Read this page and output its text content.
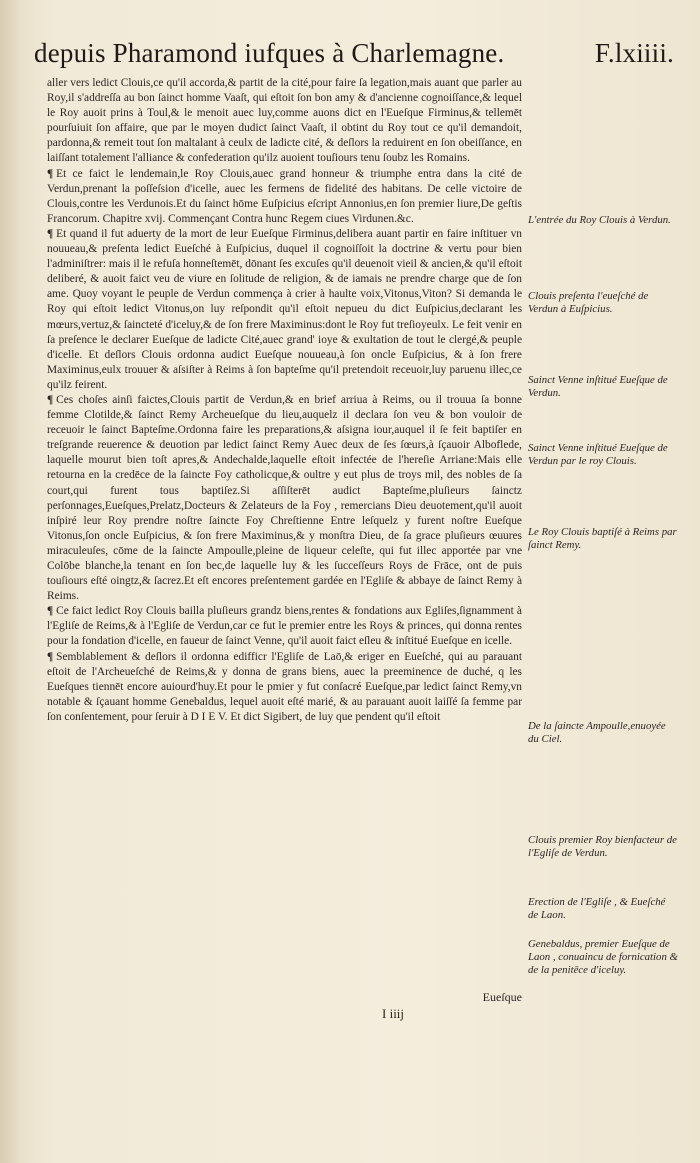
depuis Pharamond iufques à Charlemagne.	F.lxiiii.

aller vers ledict Clouis,ce qu'il accorda,& partit de la cité,pour faire ſa legation,mais auant que parler au Roy,il s'addreſſa au bon ſainct homme Vaaſt, qui eſtoit ſon bon amy & d'ancienne cognoiſſance,& lequel le Roy auoit prins à Toul,& le menoit auec luy,comme auons dict en l'Eueſque Firminus,& tellemēt pourſuiuit ſon affaire, que par le moyen dudict ſainct Vaaſt, il obtint du Roy tout ce qu'il demandoit, pardonna,& remeit tout ſon maltalant à ceulx de ladicte cité, & deſlors la reduirent en ſon obeiſſance, en laiſſant totalement l'alliance & confederation qu'ilz auoient touſiours tenu ſoubz les Romains.

¶ Et ce faict le lendemain,le Roy Clouis,auec grand honneur & triumphe entra dans la cité de Verdun,prenant la poſſeſsion d'icelle, auec les fermens de fidelité des habitans. De celle victoire de Clouis,contre les Verdunois.Et du ſainct hōme Euſpicius eſcript Annonius,en ſon premier liure,De geſtis Francorum. Chapitre xvij. Commençant Contra hunc Regem ciues Virdunen.&c.

¶ Et quand il fut aduerty de la mort de leur Eueſque Firminus,delibera auant partir en faire inſtituer vn nouueau,& preſenta ledict Eueſché à Euſpicius, duquel il cognoiſſoit la doctrine & vertu pour bien l'adminiſtrer: mais il le refuſa honneſtemēt, dōnant ſes excuſes qu'il deuenoit vieil & ancien,& qu'il eſtoit deliberé, & auoit faict veu de viure en ſolitude de religion, & de iamais ne prendre charge que de ſon ame. Quoy voyant le peuple de Verdun commença à crier à haulte voix,Vitonus,Viton? Si demanda le Roy qui eſtoit ledict Vitonus,on luy reſpondit qu'il eſtoit nepueu du dict Euſpicius,declarant les mœurs,vertuz,& ſaincteté d'iceluy,& de ſon frere Maximinus:dont le Roy fut treſioyeulx. Le feit venir en ſa preſence le declarer Eueſque de ladicte Cité,auec grand' ioye & exultation de tout le clergé,& peuple d'icelle. Et deſlors Clouis ordonna audict Eueſque nouueau,à ſon oncle Euſpicius, & à ſon frere Maximinus,eulx trouuer & aſsiſter à Reims à ſon bapteſme qu'il pretendoit receuoir,luy paruenu illec,ce qu'ilz feirent.

¶ Ces choſes ainſi faictes,Clouis partit de Verdun,& en brief arriua à Reims, ou il trouua ſa bonne femme Clotilde,& ſainct Remy Archeueſque du lieu,auquelz il declara ſon veu & bon vouloir de receuoir le ſainct Bapteſme.Ordonna faire les preparations,& aſsigna iour,auquel il ſe feit baptiſer en treſgrande reuerence & deuotion par ledict ſainct Remy Auec deux de ſes ſœurs,à ſçauoir Alboflede, laquelle mourut bien toſt apres,& Andechalde,laquelle eſtoit infectée de l'hereſie Arriane:Mais elle retourna en la credēce de la ſaincte Foy catholicque,& oultre y eut plus de troys mil, des nobles de ſa court,qui furent tous baptiſez.Si aſſiſterēt audict Bapteſme,pluſieurs ſainctz perſonnages,Eueſques,Prelatz,Docteurs & Zelateurs de la Foy , remercians Dieu deuotement,qu'il auoit inſpiré leur Roy prendre noſtre ſaincte Foy Chreſtienne Entre leſquelz y furent noſtre Eueſque Vitonus,ſon oncle Euſpicius, & ſon frere Maximinus,& y monſtra Dieu, de ſa grace pluſieurs œuures miraculeuſes, cōme de la ſaincte Ampoulle,pleine de liqueur celeſte, qui fut illec apportée par vne Colōbe blanche,la tenant en ſon bec,de laquelle luy & les ſucceſſeurs Roys de Frāce, ont de puis touſiours eſté oingtz,& ſacrez.Et eſt encores preſentement gardée en l'Egliſe & abbaye de ſainct Remy à Reims.

¶ Ce faict ledict Roy Clouis bailla pluſieurs grandz biens,rentes & fondations aux Egliſes,ſignamment à l'Egliſe de Reims,& à l'Egliſe de Verdun,car ce fut le premier entre les Roys & princes, qui donna rentes pour la fondation d'icelle, en faueur de ſainct Venne, qu'il auoit faict eſleu & inſtitué Eueſque en icelle.

¶ Semblablement & deſlors il ordonna edifficr l'Egliſe de Laō,& eriger en Eueſché, qui au parauant eſtoit de l'Archeueſché de Reims,& y donna de grans biens, auec la preeminence de duché, q les Eueſques tiennēt encore auiourd'huy.Et pour le pmier y fut conſacré Eueſque,par ledict ſainct Remy,vn notable & ſçauant homme Genebaldus, lequel auoit eſté marié, & au parauant auoit laiſſé ſa femme par ſon conſentement, pour ſeruir à D I E V. Et dict Sigibert, de luy que pendent qu'il eſtoit

L'entrée du Roy Clouis à Verdun.
Clouis preſenta l'eueſché de Verdun à Euſpicius.
Sainct Venne inſtitué Eueſque de Verdun.
Sainct Venne inſtitué Eueſque de Verdun par le roy Clouis.
Le Roy Clouis baptiſé à Reims par ſainct Remy.
De la ſaincte Ampoulle,enuoyée du Ciel.
Clouis premier Roy bienfacteur de l'Egliſe de Verdun.
Erection de l'Egliſe , & Eueſché de Laon.
Genebaldus, premier Eueſque de Laon , conuaincu de fornication & de la penitēce d'iceluy.
Eueſque
I iiij
